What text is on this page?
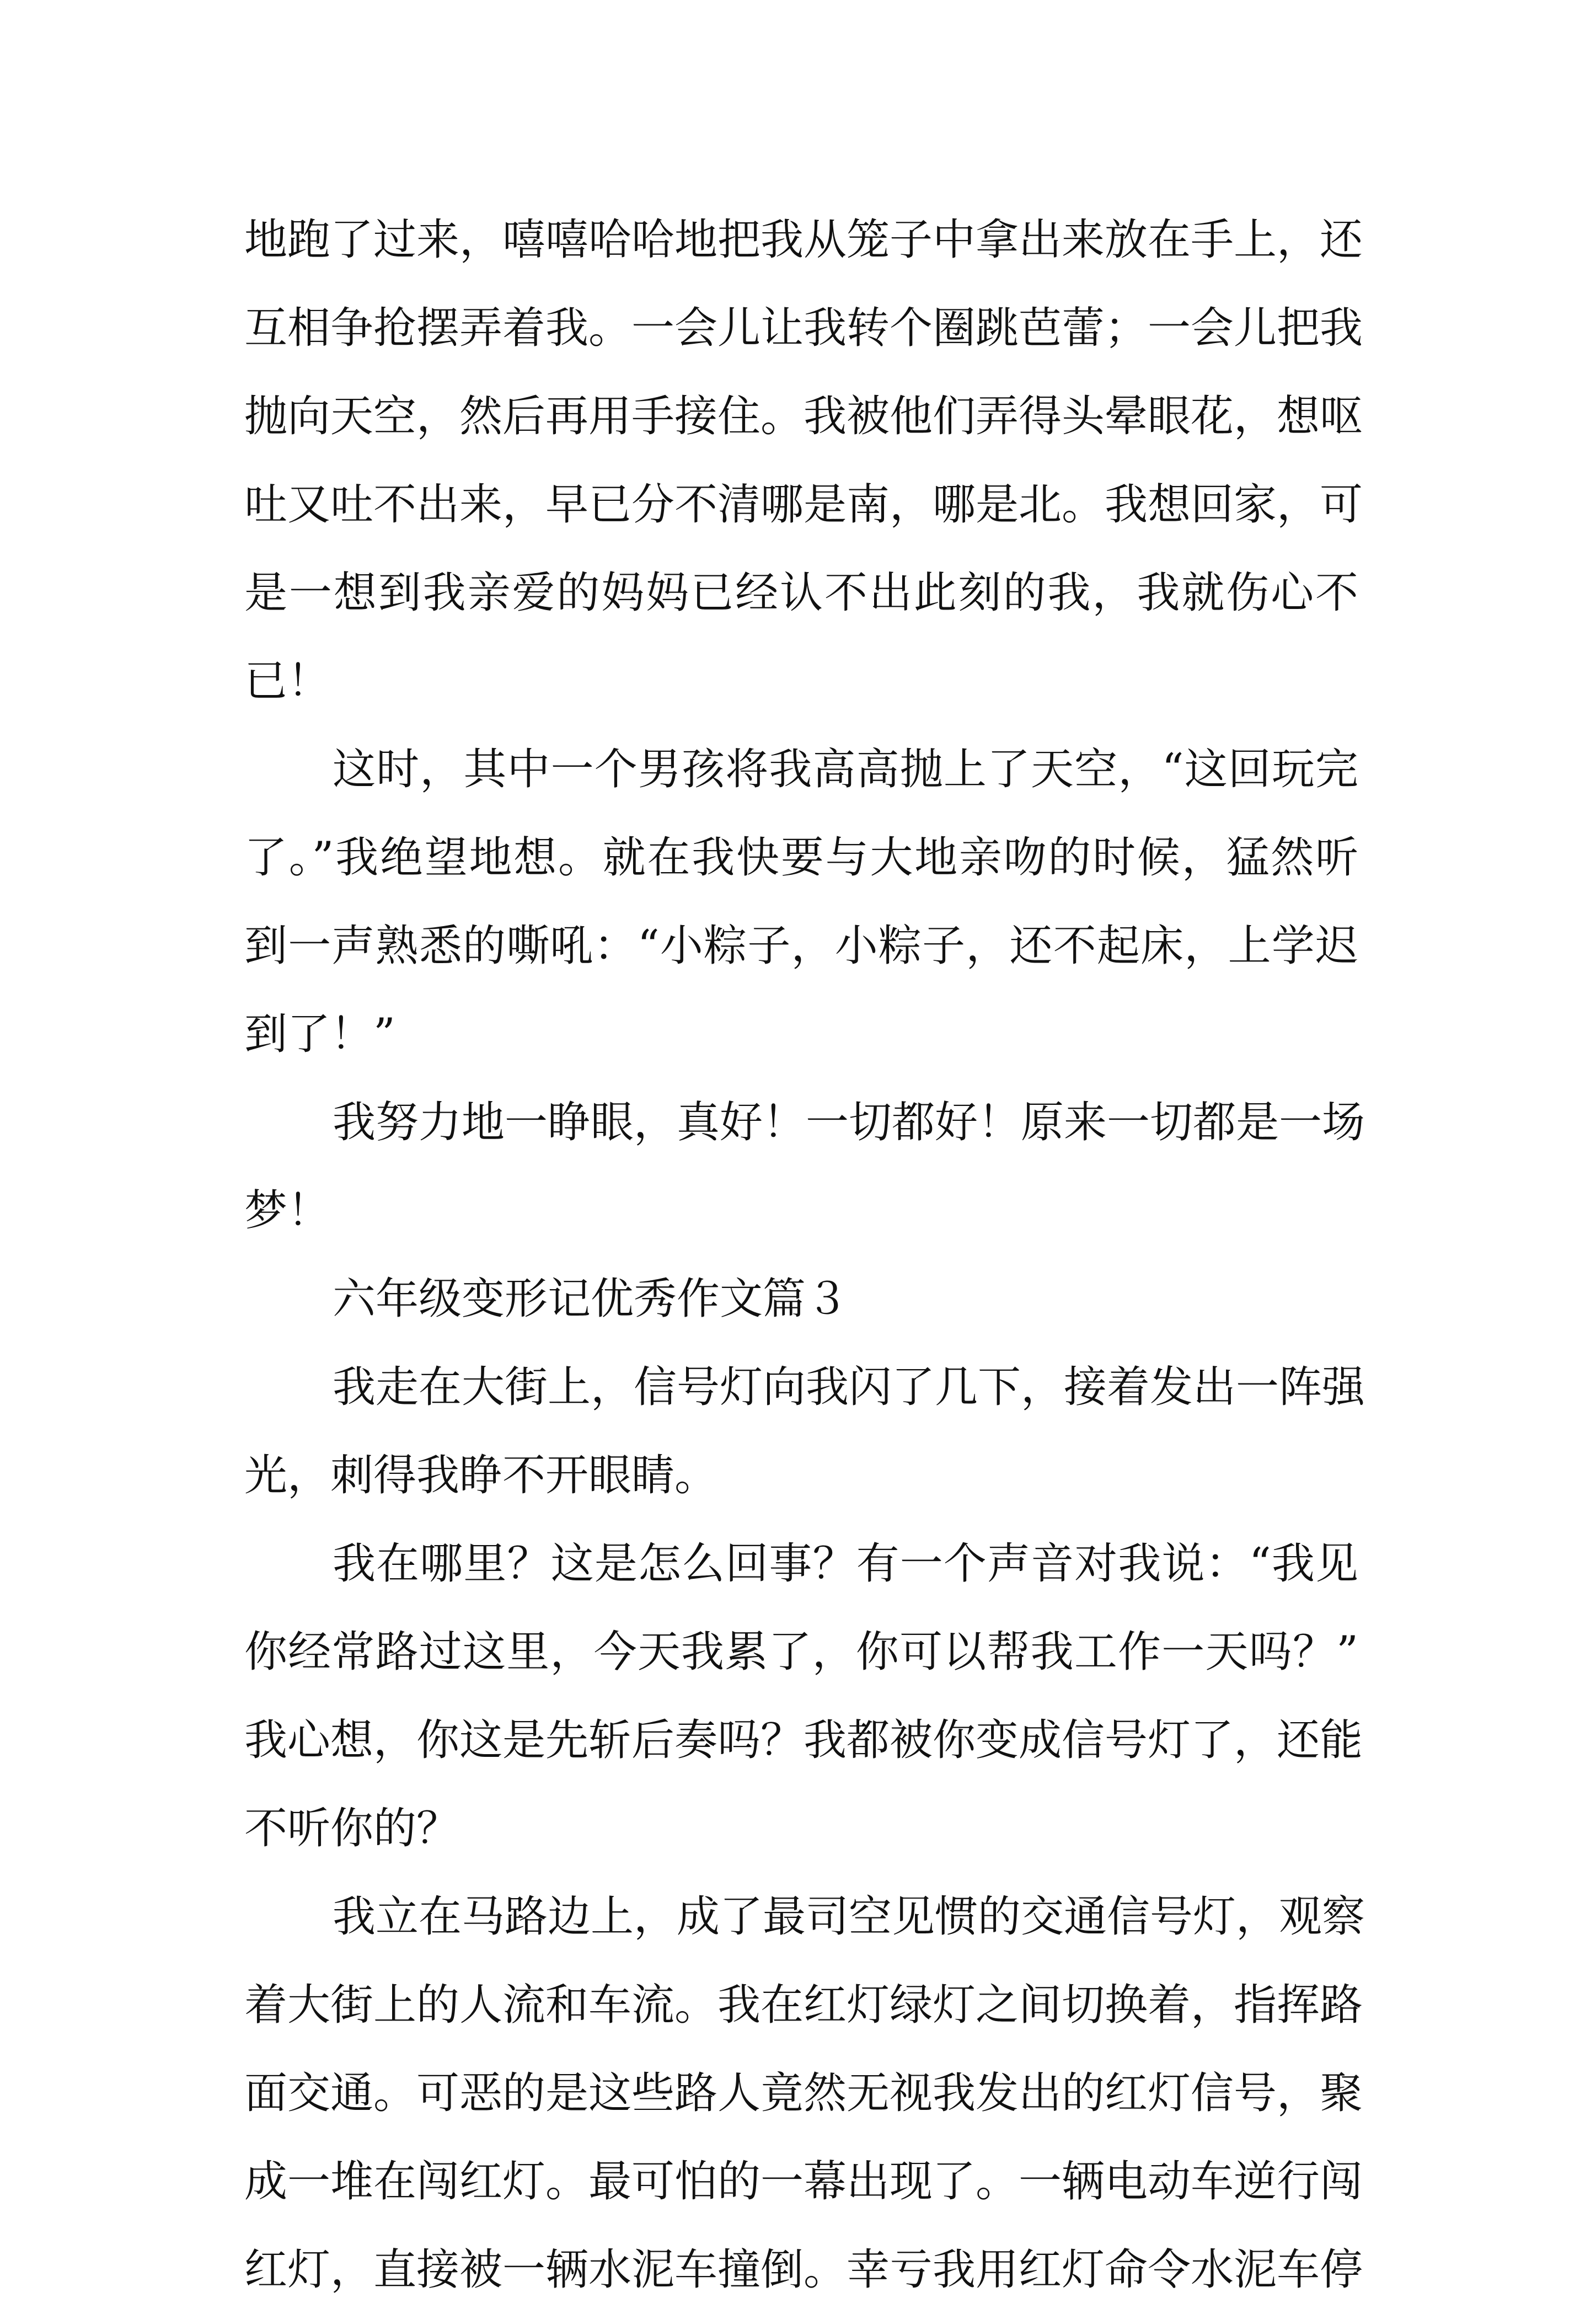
地跑了过来，嘻嘻哈哈地把我从笼子中拿出来放在手上，还
互相争抢摆弄着我。一会儿让我转个圈跳芭蕾；一会儿把我
抛向天空，然后再用手接住。我被他们弄得头晕眼花，想呕
吐又吐不出来，早已分不清哪是南，哪是北。我想回家，可
是一想到我亲爱的妈妈已经认不出此刻的我，我就伤心不
已！
这时，其中一个男孩将我高高抛上了天空，“这回玩完
了。”我绝望地想。就在我快要与大地亲吻的时候，猛然听
到一声熟悉的嘶吼：“小粽子，小粽子，还不起床，上学迟
到了！”
我努力地一睁眼，真好！一切都好！原来一切都是一场
梦！
六年级变形记优秀作文篇３
我走在大街上，信号灯向我闪了几下，接着发出一阵强
光，刺得我睁不开眼睛。
我在哪里？这是怎么回事？有一个声音对我说：“我见
你经常路过这里，今天我累了，你可以帮我工作一天吗？”
我心想，你这是先斩后奏吗？我都被你变成信号灯了，还能
不听你的？
我立在马路边上，成了最司空见惯的交通信号灯，观察
着大街上的人流和车流。我在红灯绿灯之间切换着，指挥路
面交通。可恶的是这些路人竟然无视我发出的红灯信号，聚
成一堆在闯红灯。最可怕的一幕出现了。一辆电动车逆行闯
红灯，直接被一辆水泥车撞倒。幸亏我用红灯命令水泥车停
